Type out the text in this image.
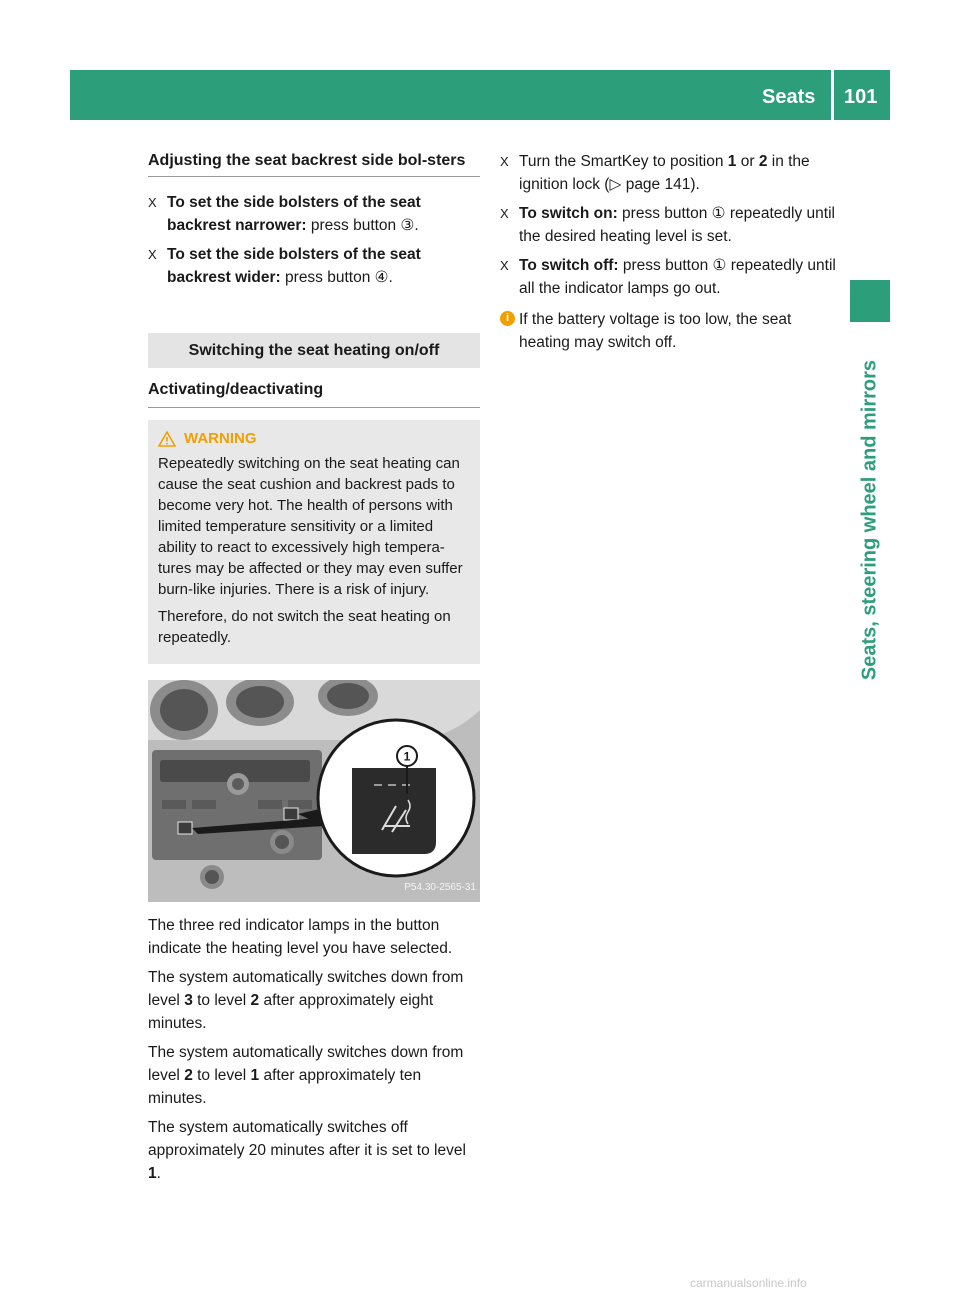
Seats 101
Seats, steering wheel and mirrors
Adjusting the seat backrest side bol-sters
X To set the side bolsters of the seat backrest narrower: press button ③.
X To set the side bolsters of the seat backrest wider: press button ④.
Switching the seat heating on/off
Activating/deactivating
WARNING

Repeatedly switching on the seat heating can cause the seat cushion and backrest pads to become very hot. The health of persons with limited temperature sensitivity or a limited ability to react to excessively high tempera-tures may be affected or they may even suffer burn-like injuries. There is a risk of injury.

Therefore, do not switch the seat heating on repeatedly.

1
P54.30-2565-31

The three red indicator lamps in the button indicate the heating level you have selected.

The system automatically switches down from level 3 to level 2 after approximately eight minutes.

The system automatically switches down from level 2 to level 1 after approximately ten minutes.

The system automatically switches off approximately 20 minutes after it is set to level 1.

X Turn the SmartKey to position 1 or 2 in the ignition lock (▷ page 141).
X To switch on: press button ① repeatedly until the desired heating level is set.
X To switch off: press button ① repeatedly until all the indicator lamps go out.
i If the battery voltage is too low, the seat heating may switch off.
carmanualsonline.info
